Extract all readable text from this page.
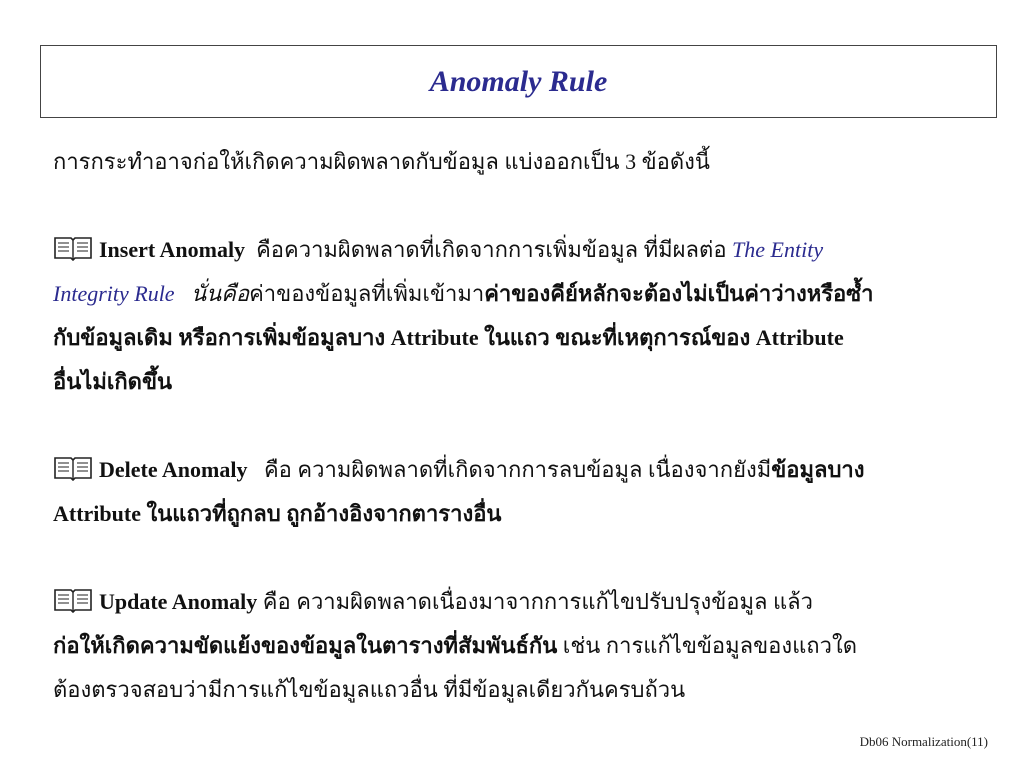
Anomaly Rule
การกระทำอาจก่อให้เกิดความผิดพลาดกับข้อมูล แบ่งออกเป็น 3 ข้อดังนี้
Insert Anomaly คือความผิดพลาดที่เกิดจากการเพิ่มข้อมูล ที่มีผลต่อ The Entity
Integrity Rule นั่นคือค่าของข้อมูลที่เพิ่มเข้ามาค่าของคีย์หลักจะต้องไม่เป็นค่าว่างหรือซ้ำ
กับข้อมูลเดิม หรือการเพิ่มข้อมูลบาง Attribute ในแถว ขณะที่เหตุการณ์ของ Attribute
อื่นไม่เกิดขึ้น
Delete Anomaly คือ ความผิดพลาดที่เกิดจากการลบข้อมูล เนื่องจากยังมีข้อมูลบาง
Attribute ในแถวที่ถูกลบ ถูกอ้างอิงจากตารางอื่น
Update Anomaly คือ ความผิดพลาดเนื่องมาจากการแก้ไขปรับปรุงข้อมูล แล้ว
ก่อให้เกิดความขัดแย้งของข้อมูลในตารางที่สัมพันธ์กัน เช่น การแก้ไขข้อมูลของแถวใด
ต้องตรวจสอบว่ามีการแก้ไขข้อมูลแถวอื่น ที่มีข้อมูลเดียวกันครบถ้วน
Db06 Normalization(11)
